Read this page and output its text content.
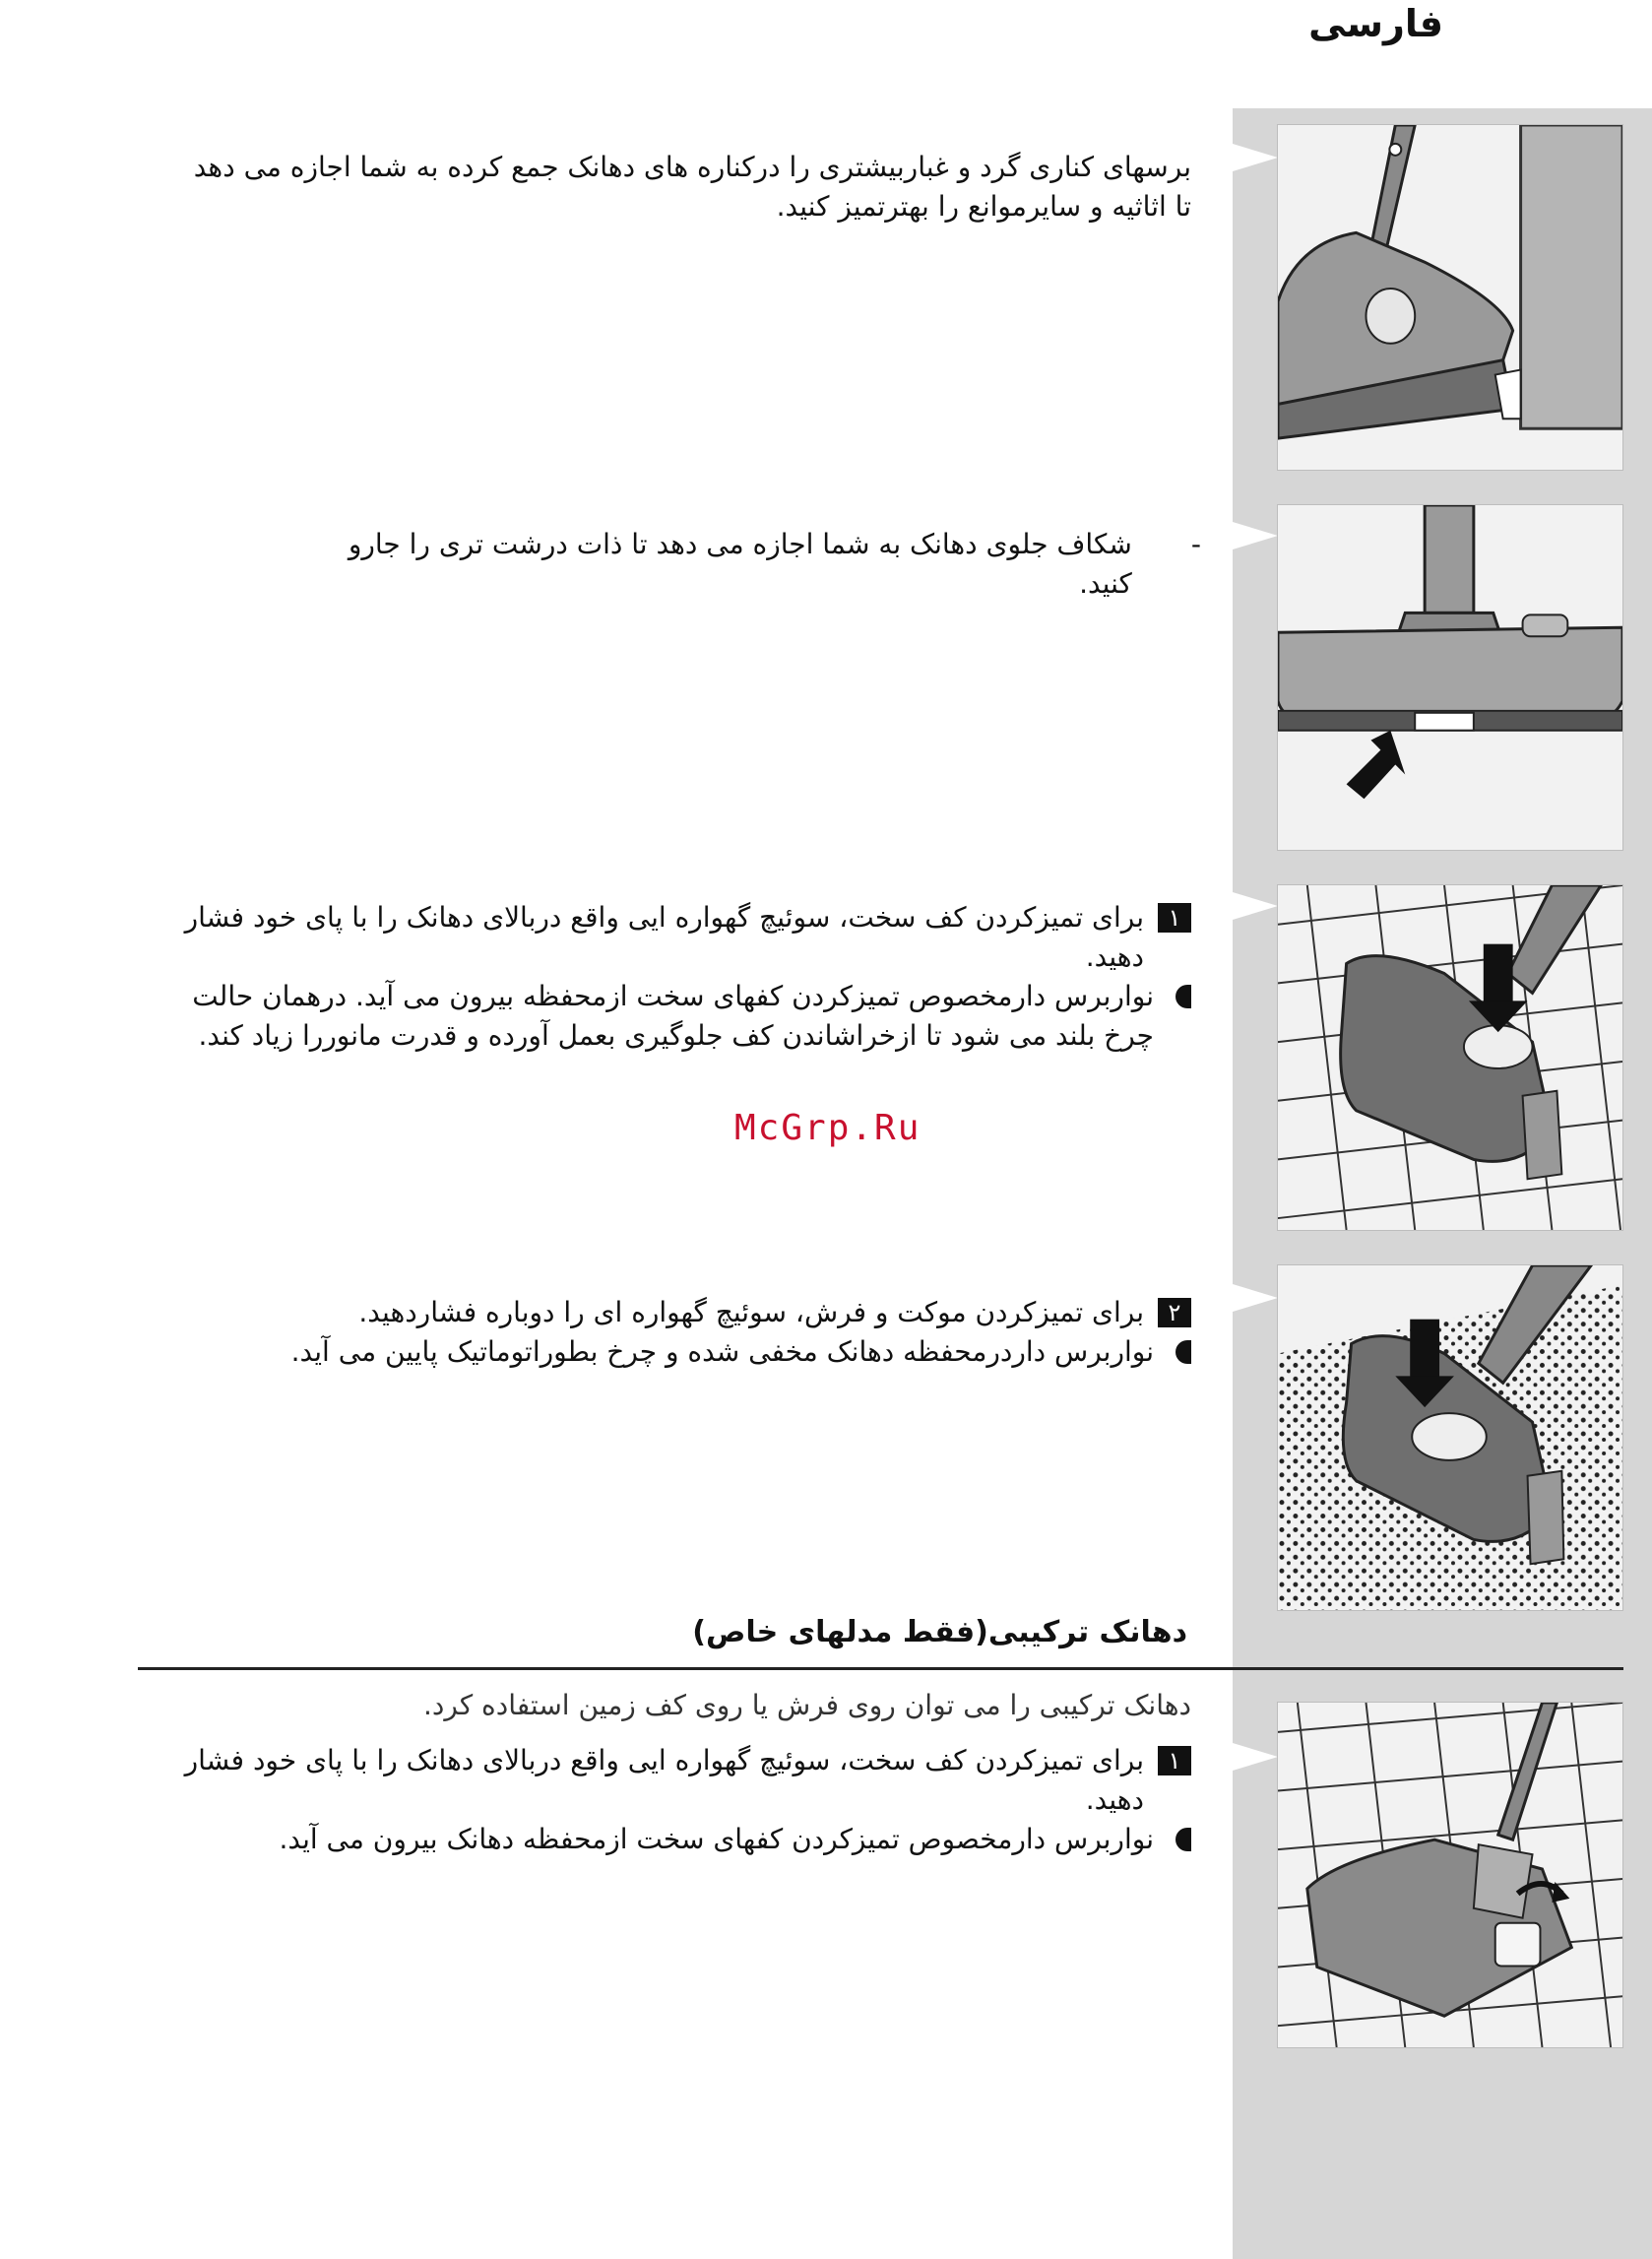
فارسی
برسهای کناری گرد و غباربیشتری را درکناره های دهانک جمع کرده به شما اجازه می دهد تا اثاثیه و سایرموانع را بهترتمیز کنید.
-
شکاف جلوی دهانک به شما اجازه می دهد تا ذات درشت تری را جارو کنید.
۱
برای تمیزکردن کف سخت، سوئیچ گهواره ایی واقع دربالای دهانک را با پای خود فشار دهید.
نواربرس دارمخصوص تمیزکردن کفهای سخت ازمحفظه بیرون می آید. درهمان حالت چرخ بلند می شود تا ازخراشاندن کف جلوگیری بعمل آورده و قدرت مانوررا زیاد کند.
McGrp.Ru
۲
برای تمیزکردن موکت و فرش، سوئیچ گهواره ای را دوباره فشاردهید.
نواربرس داردرمحفظه دهانک مخفی شده و چرخ بطوراتوماتیک پایین می آید.
دهانک ترکیبی(فقط مدلهای خاص)
دهانک ترکیبی را می توان روی فرش یا روی کف زمین استفاده کرد.
۱
برای تمیزکردن کف سخت، سوئیچ گهواره ایی واقع دربالای دهانک را با پای خود فشار دهید.
نواربرس دارمخصوص تمیزکردن کفهای سخت ازمحفظه دهانک بیرون می آید.
